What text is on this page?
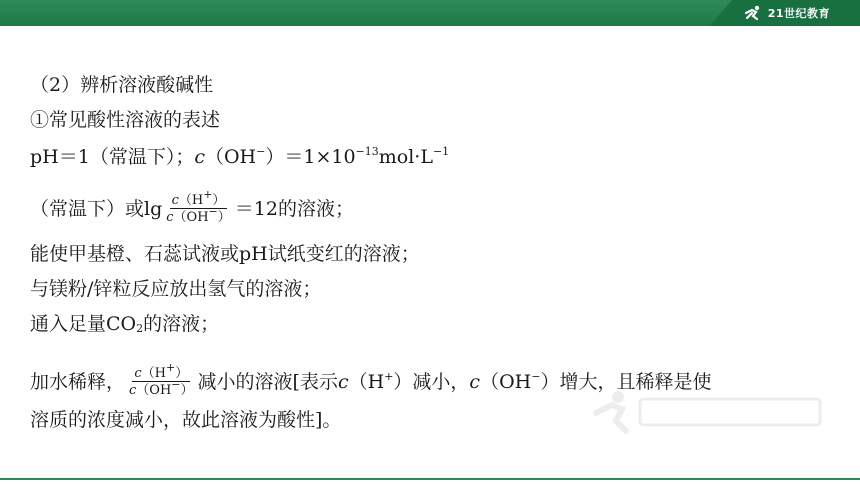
21世纪教育
（2）辨析溶液酸碱性
①常见酸性溶液的表述
pH＝1（常温下）； c （OH− ）$=1\times 10^{-13}$ $mol\cdot L^{-1}$
（常温下）或$\lg \frac{c(H^+)}{c(OH^-)} =12$的溶液；
能使甲基橙、石蕊试液或pH试纸变红的溶液；
与镁粉/锌粒反应放出氢气的溶液；
通入足量$CO_2$ 的溶液；
加水稀释， $\frac{c(H^+)}{c(OH^-)}$ 减小的溶液[表示 c （H+ ）减小， c （OH− ）增大，且稀释是使
溶质的浓度减小，故此溶液为酸性]。
